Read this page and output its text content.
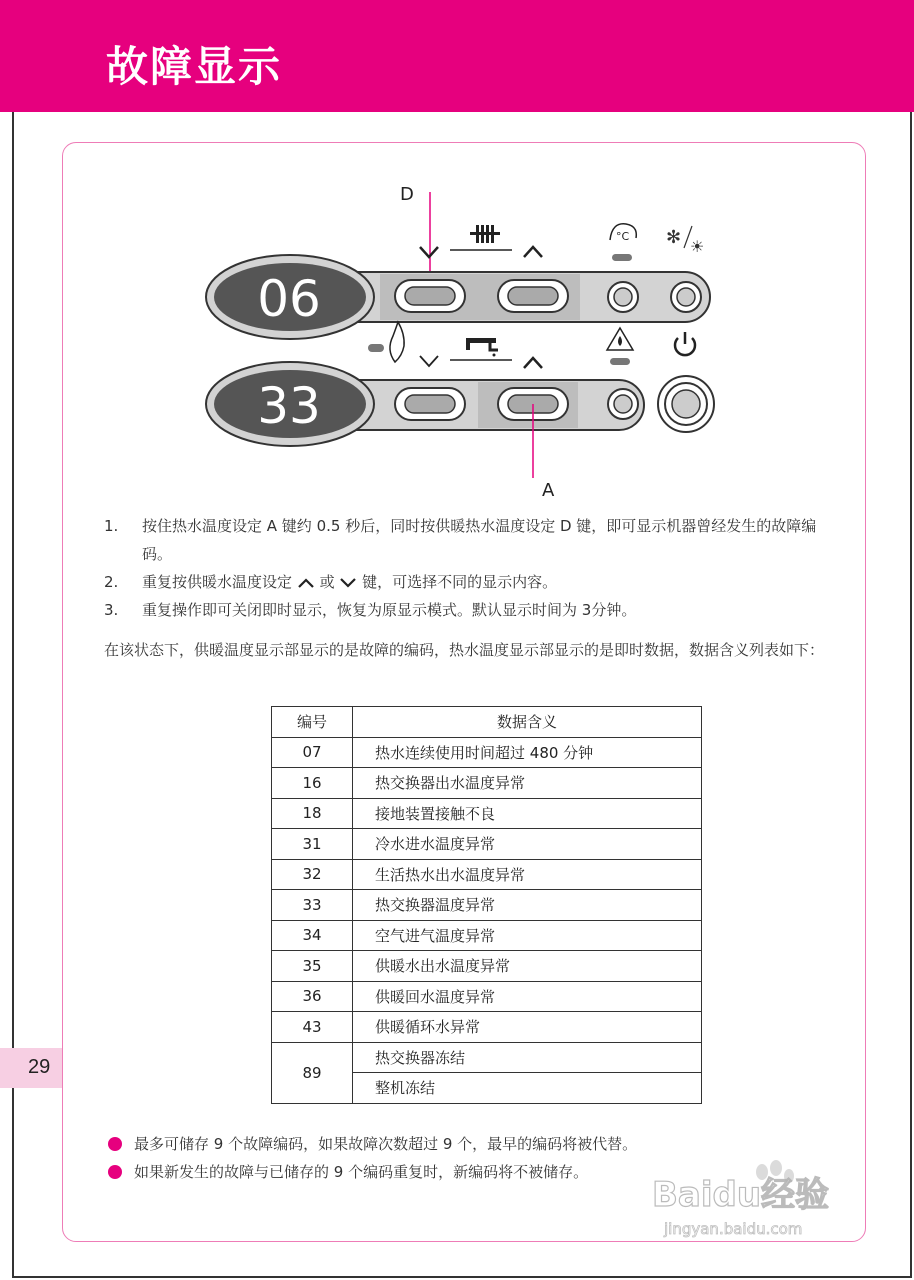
故障显示
29
D
06
°C ✻ ☀
33
A
1. 按住热水温度设定 A 键约 0.5 秒后，同时按供暖热水温度设定 D 键，即可显示机器曾经发生的故障编码。
2. 重复按供暖水温度设定 或 键，可选择不同的显示内容。
3. 重复操作即可关闭即时显示，恢复为原显示模式。默认显示时间为 3分钟。
在该状态下，供暖温度显示部显示的是故障的编码，热水温度显示部显示的是即时数据，数据含义列表如下：
编号	数据含义
07	热水连续使用时间超过 480 分钟
16	热交换器出水温度异常
18	接地装置接触不良
31	冷水进水温度异常
32	生活热水出水温度异常
33	热交换器温度异常
34	空气进气温度异常
35	供暖水出水温度异常
36	供暖回水温度异常
43	供暖循环水异常
89	热交换器冻结
	整机冻结
最多可储存 9 个故障编码，如果故障次数超过 9 个，最早的编码将被代替。
如果新发生的故障与已储存的 9 个编码重复时，新编码将不被储存。
Baidu经验
jingyan.baidu.com
